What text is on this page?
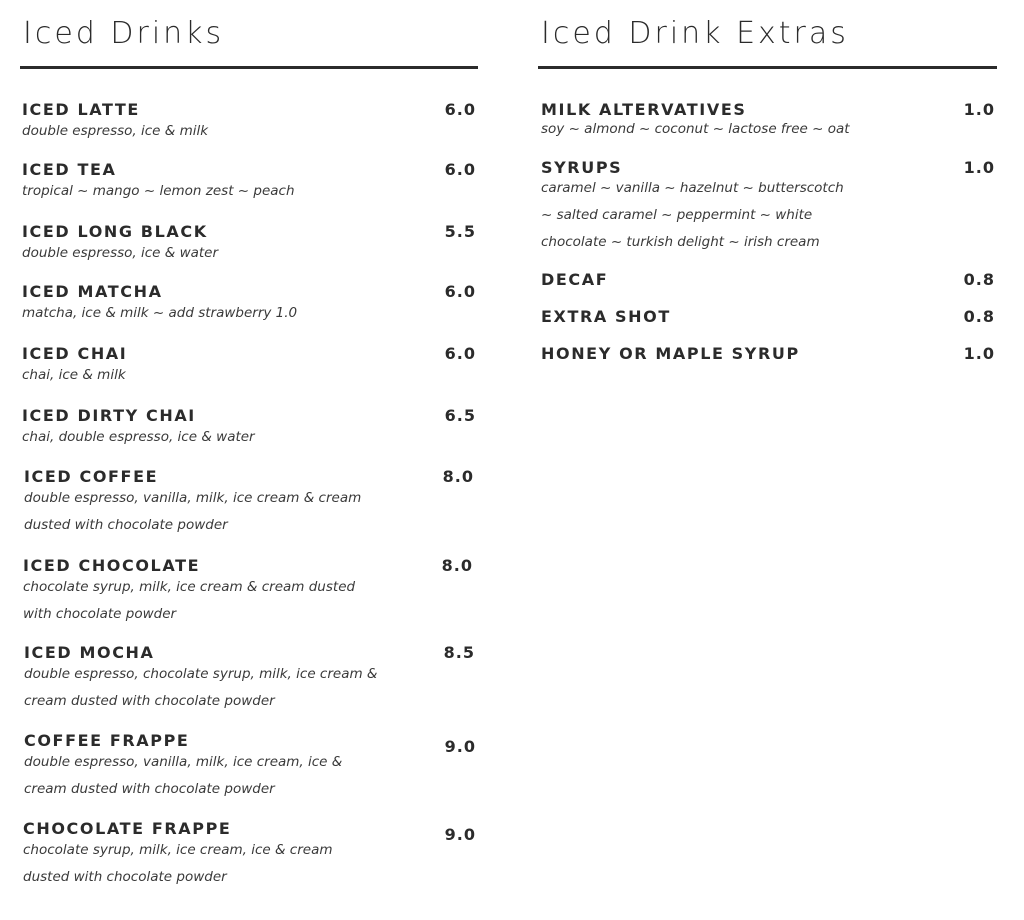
Iced Drinks
ICED LATTE	6.0
double espresso, ice & milk
ICED TEA	6.0
tropical ~ mango ~ lemon zest ~ peach
ICED LONG BLACK	5.5
double espresso, ice & water
ICED MATCHA	6.0
matcha, ice & milk ~ add strawberry 1.0
ICED CHAI	6.0
chai, ice & milk
ICED DIRTY CHAI	6.5
chai, double espresso, ice & water
ICED COFFEE	8.0
double espresso, vanilla, milk, ice cream & cream
dusted with chocolate powder
ICED CHOCOLATE	8.0
chocolate syrup, milk, ice cream & cream dusted
with chocolate powder
ICED MOCHA	8.5
double espresso, chocolate syrup, milk, ice cream &
cream dusted with chocolate powder
COFFEE FRAPPE	9.0
double espresso, vanilla, milk, ice cream, ice &
cream dusted with chocolate powder
CHOCOLATE FRAPPE	9.0
chocolate syrup, milk, ice cream, ice & cream
dusted with chocolate powder
Iced Drink Extras
MILK ALTERVATIVES	1.0
soy ~ almond ~ coconut ~ lactose free ~ oat
SYRUPS	1.0
caramel ~ vanilla ~ hazelnut ~ butterscotch
~ salted caramel ~ peppermint ~ white
chocolate ~ turkish delight ~ irish cream
DECAF	0.8
EXTRA SHOT	0.8
HONEY OR MAPLE SYRUP	1.0
